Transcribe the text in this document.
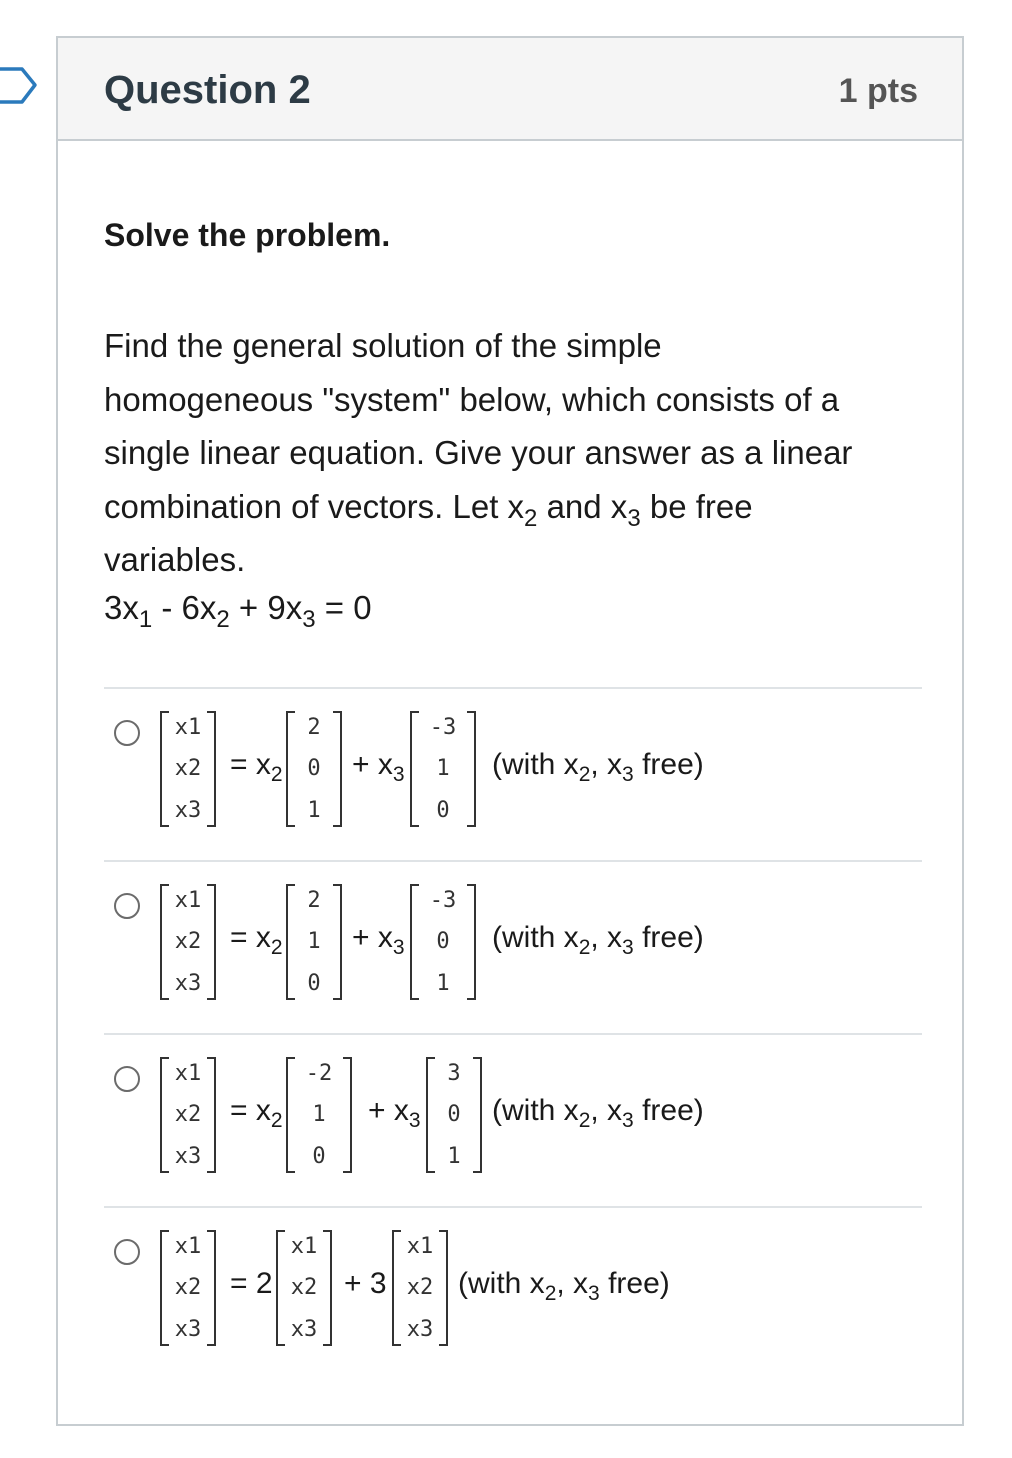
Question 2	1 pts
Solve the problem.
Find the general solution of the simple
homogeneous "system" below, which consists of a
single linear equation. Give your answer as a linear
combination of vectors. Let $x_2$ and $x_3$ be free
variables.
$3x_1 - 6x_2 + 9x_3 = 0$
x1
x2
x3
= $x_2$
2
0
1
+ $x_3$
-3
1
0
(with $x_2$, $x_3$ free)
x1
x2
x3
= $x_2$
2
1
0
+ $x_3$
-3
0
1
(with $x_2$, $x_3$ free)
x1
x2
x3
= $x_2$
-2
1
0
+ $x_3$
3
0
1
(with $x_2$, $x_3$ free)
x1
x2
x3
= 2
x1
x2
x3
+ 3
x1
x2
x3
(with $x_2$, $x_3$ free)
